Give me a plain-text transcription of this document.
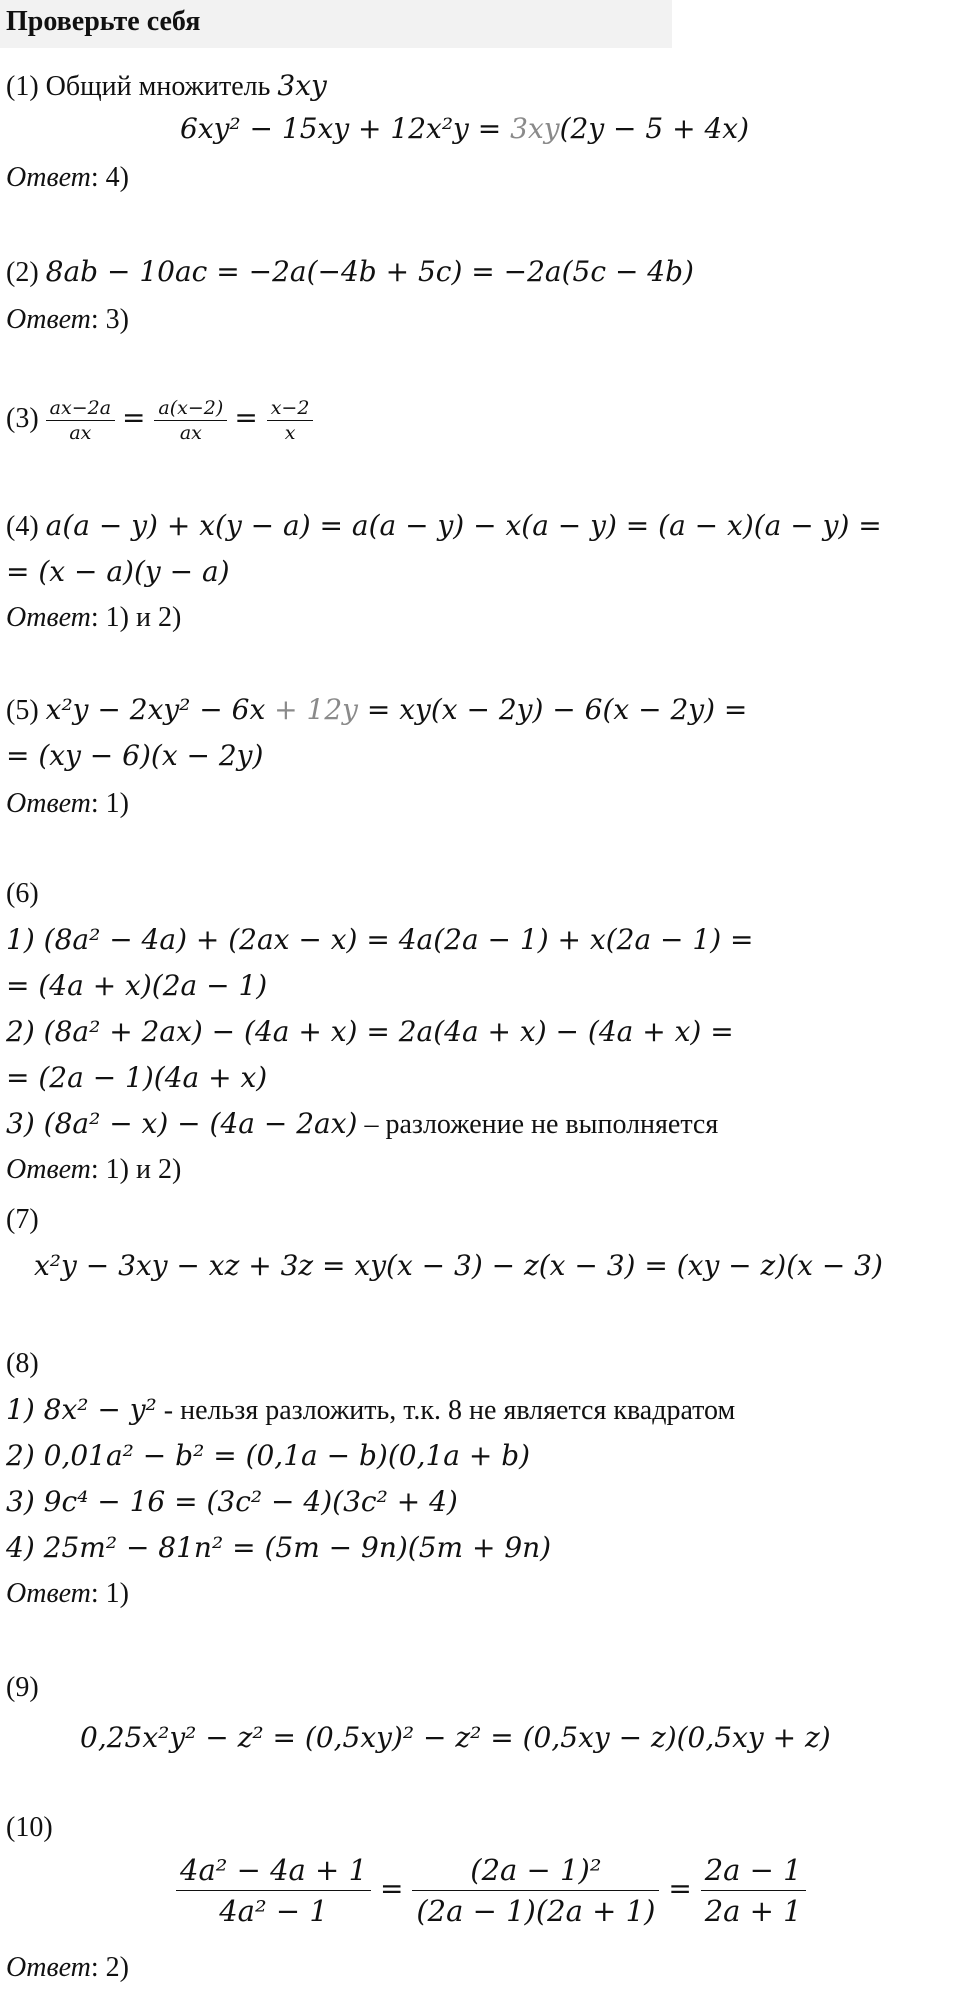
Проверьте себя
(1) Общий множитель 3xy
6xy² − 15xy + 12x²y = 3xy(2y − 5 + 4x)
Ответ: 4)
(2) 8ab − 10ac = −2a(−4b + 5c) = −2a(5c − 4b)
Ответ: 3)
$(3) \frac{ax-2a}{ax} = \frac{a(x-2)}{ax} = \frac{x-2}{x}$
(4) a(a − y) + x(y − a) = a(a − y) − x(a − y) = (a − x)(a − y) =
= (x − a)(y − a)
Ответ: 1) и 2)
(5) x²y − 2xy² − 6x + 12y = xy(x − 2y) − 6(x − 2y) =
= (xy − 6)(x − 2y)
Ответ: 1)
(6)
1) (8a² − 4a) + (2ax − x) = 4a(2a − 1) + x(2a − 1) =
= (4a + x)(2a − 1)
2) (8a² + 2ax) − (4a + x) = 2a(4a + x) − (4a + x) =
= (2a − 1)(4a + x)
3) (8a² − x) − (4a − 2ax) – разложение не выполняется
Ответ: 1) и 2)
(7)
x²y − 3xy − xz + 3z = xy(x − 3) − z(x − 3) = (xy − z)(x − 3)
(8)
1) 8x² − y² - нельзя разложить, т.к. 8 не является квадратом
2) 0,01a² − b² = (0,1a − b)(0,1a + b)
3) 9c⁴ − 16 = (3c² − 4)(3c² + 4)
4) 25m² − 81n² = (5m − 9n)(5m + 9n)
Ответ: 1)
(9)
0,25x²y² − z² = (0,5xy)² − z² = (0,5xy − z)(0,5xy + z)
(10)
$\frac{\text{4a² − 4a + 1}}{\text{4a² − 1}} = \frac{\text{(2a − 1)²}}{(2a - 1)(2a + 1)} = \frac{2a - 1}{2a + 1}$
Ответ: 2)
